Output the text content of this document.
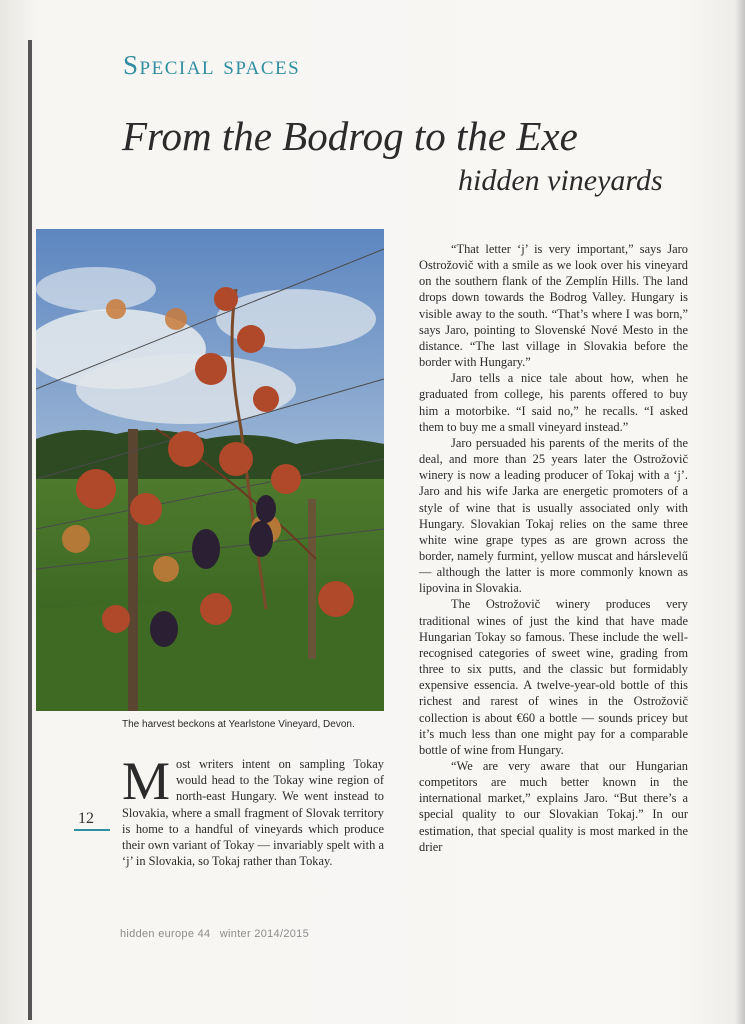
Special spaces
From the Bodrog to the Exe
hidden vineyards
The harvest beckons at Yearlstone Vineyard, Devon.
12
Most writers intent on sampling Tokay would head to the Tokay wine region of north-east Hungary. We went instead to Slovakia, where a small fragment of Slovak territory is home to a handful of vineyards which produce their own variant of Tokay — invariably spelt with a ‘j’ in Slovakia, so Tokaj rather than Tokay.

“That letter ‘j’ is very important,” says Jaro Ostrožovič with a smile as we look over his vineyard on the southern flank of the Zemplín Hills. The land drops down towards the Bodrog Valley. Hungary is visible away to the south. “That’s where I was born,” says Jaro, pointing to Slovenské Nové Mesto in the distance. “The last village in Slovakia before the border with Hungary.”

Jaro tells a nice tale about how, when he graduated from college, his parents offered to buy him a motorbike. “I said no,” he recalls. “I asked them to buy me a small vineyard instead.”

Jaro persuaded his parents of the merits of the deal, and more than 25 years later the Ostrožovič winery is now a leading producer of Tokaj with a ‘j’. Jaro and his wife Jarka are energetic promoters of a style of wine that is usually associated only with Hungary. Slovakian Tokaj relies on the same three white wine grape types as are grown across the border, namely furmint, yellow muscat and hárslevelű — although the latter is more commonly known as lipovina in Slovakia.

The Ostrožovič winery produces very traditional wines of just the kind that have made Hungarian Tokay so famous. These include the well-recognised categories of sweet wine, grading from three to six putts, and the classic but formidably expensive essencia. A twelve-year-old bottle of this richest and rarest of wines in the Ostrožovič collection is about €60 a bottle — sounds pricey but it’s much less than one might pay for a comparable bottle of wine from Hungary.

“We are very aware that our Hungarian competitors are much better known in the international market,” explains Jaro. “But there’s a special quality to our Slovakian Tokaj.” In our estimation, that special quality is most marked in the drier

hidden europe 44 winter 2014/2015
